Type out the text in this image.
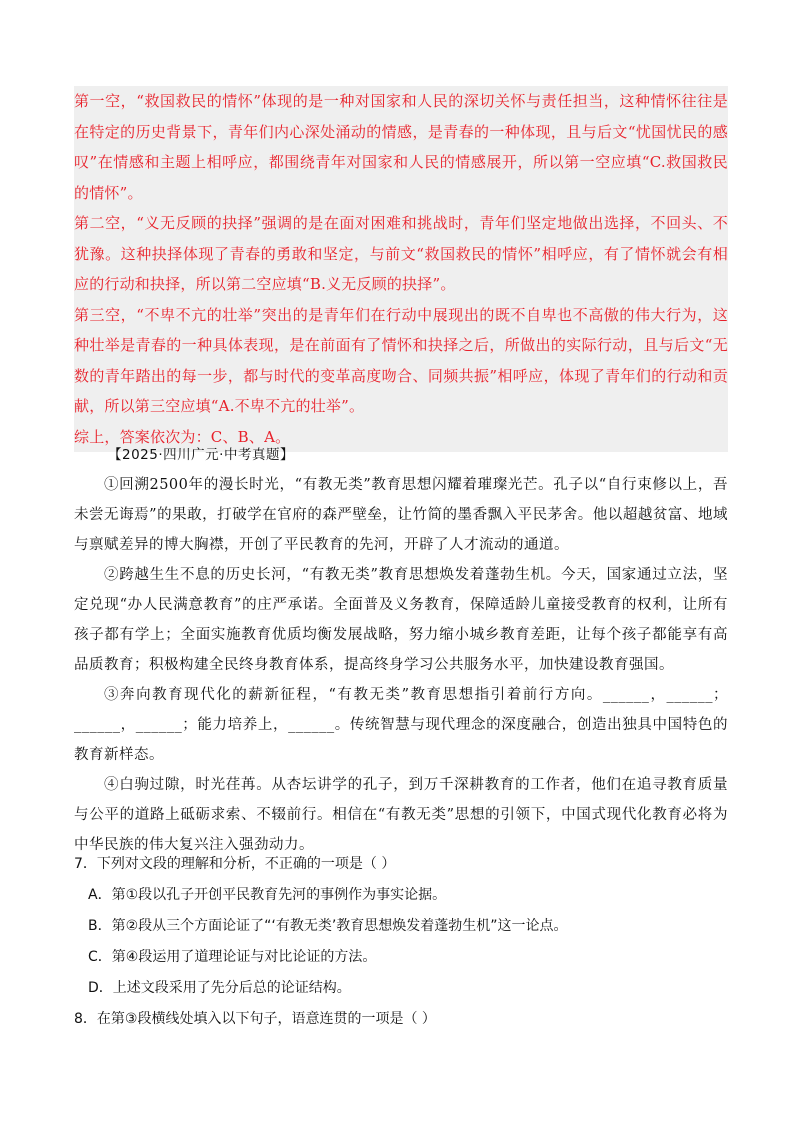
第一空，“救国救民的情怀”体现的是一种对国家和人民的深切关怀与责任担当，这种情怀往往是在特定的历史背景下，青年们内心深处涌动的情感，是青春的一种体现，且与后文“忧国忧民的感叹”在情感和主题上相呼应，都围绕青年对国家和人民的情感展开，所以第一空应填“C.救国救民的情怀”。

第二空，“义无反顾的抉择”强调的是在面对困难和挑战时，青年们坚定地做出选择，不回头、不犹豫。这种抉择体现了青春的勇敢和坚定，与前文“救国救民的情怀”相呼应，有了情怀就会有相应的行动和抉择，所以第二空应填“B.义无反顾的抉择”。

第三空，“不卑不亢的壮举”突出的是青年们在行动中展现出的既不自卑也不高傲的伟大行为，这种壮举是青春的一种具体表现，是在前面有了情怀和抉择之后，所做出的实际行动，且与后文“无数的青年踏出的每一步，都与时代的变革高度吻合、同频共振”相呼应，体现了青年们的行动和贡献，所以第三空应填“A.不卑不亢的壮举”。

综上，答案依次为：C、B、A。

【2025·四川广元·中考真题】

①回溯2500年的漫长时光，“有教无类”教育思想闪耀着璀璨光芒。孔子以“自行束修以上，吾未尝无诲焉”的果敢，打破学在官府的森严壁垒，让竹简的墨香飘入平民茅舍。他以超越贫富、地域与禀赋差异的博大胸襟，开创了平民教育的先河，开辟了人才流动的通道。

②跨越生生不息的历史长河，“有教无类”教育思想焕发着蓬勃生机。今天，国家通过立法，坚定兑现“办人民满意教育”的庄严承诺。全面普及义务教育，保障适龄儿童接受教育的权利，让所有孩子都有学上；全面实施教育优质均衡发展战略，努力缩小城乡教育差距，让每个孩子都能享有高品质教育；积极构建全民终身教育体系，提高终身学习公共服务水平，加快建设教育强国。

③奔向教育现代化的薪新征程，“有教无类”教育思想指引着前行方向。______，______；______，______；能力培养上，______。传统智慧与现代理念的深度融合，创造出独具中国特色的教育新样态。

④白驹过隙，时光荏苒。从杏坛讲学的孔子，到万千深耕教育的工作者，他们在追寻教育质量与公平的道路上砥砺求索、不辍前行。相信在“有教无类”思想的引领下，中国式现代化教育必将为中华民族的伟大复兴注入强劲动力。

7．下列对文段的理解和分析，不正确的一项是（ ）

A．第①段以孔子开创平民教育先河的事例作为事实论据。

B．第②段从三个方面论证了“‘有教无类’教育思想焕发着蓬勃生机”这一论点。

C．第④段运用了道理论证与对比论证的方法。

D．上述文段采用了先分后总的论证结构。

8．在第③段横线处填入以下句子，语意连贯的一项是（ ）
